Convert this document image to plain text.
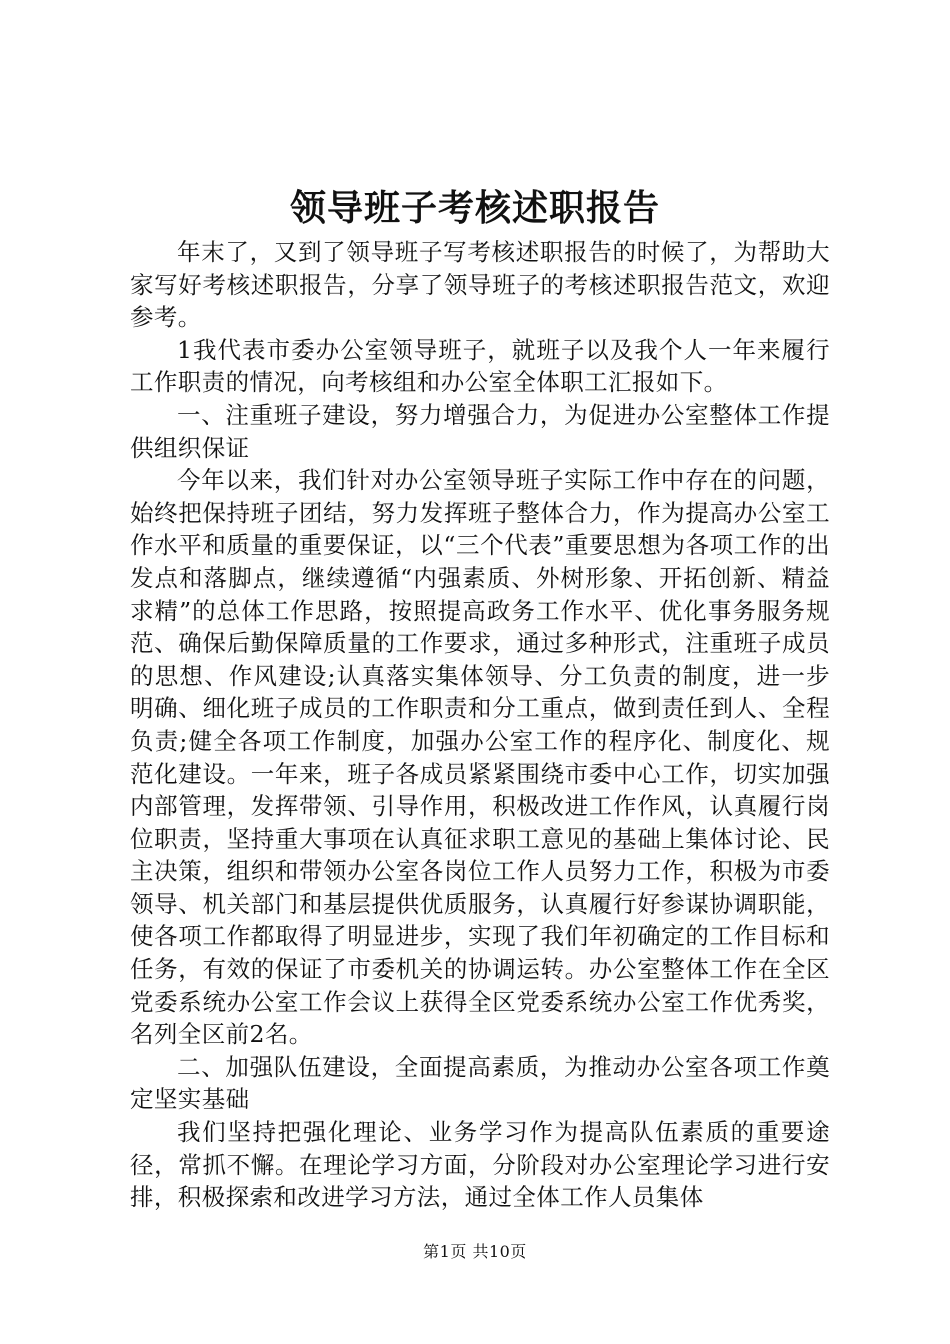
领导班子考核述职报告

年末了，又到了领导班子写考核述职报告的时候了，为帮助大家写好考核述职报告，分享了领导班子的考核述职报告范文，欢迎参考。

1我代表市委办公室领导班子，就班子以及我个人一年来履行工作职责的情况，向考核组和办公室全体职工汇报如下。

一、注重班子建设，努力增强合力，为促进办公室整体工作提供组织保证

今年以来，我们针对办公室领导班子实际工作中存在的问题，始终把保持班子团结，努力发挥班子整体合力，作为提高办公室工作水平和质量的重要保证，以“三个代表”重要思想为各项工作的出发点和落脚点，继续遵循“内强素质、外树形象、开拓创新、精益求精”的总体工作思路，按照提高政务工作水平、优化事务服务规范、确保后勤保障质量的工作要求，通过多种形式，注重班子成员的思想、作风建设;认真落实集体领导、分工负责的制度，进一步明确、细化班子成员的工作职责和分工重点，做到责任到人、全程负责;健全各项工作制度，加强办公室工作的程序化、制度化、规范化建设。一年来，班子各成员紧紧围绕市委中心工作，切实加强内部管理，发挥带领、引导作用，积极改进工作作风，认真履行岗位职责，坚持重大事项在认真征求职工意见的基础上集体讨论、民主决策，组织和带领办公室各岗位工作人员努力工作，积极为市委领导、机关部门和基层提供优质服务，认真履行好参谋协调职能，使各项工作都取得了明显进步，实现了我们年初确定的工作目标和任务，有效的保证了市委机关的协调运转。办公室整体工作在全区党委系统办公室工作会议上获得全区党委系统办公室工作优秀奖，名列全区前2名。

二、加强队伍建设，全面提高素质，为推动办公室各项工作奠定坚实基础

我们坚持把强化理论、业务学习作为提高队伍素质的重要途径，常抓不懈。在理论学习方面，分阶段对办公室理论学习进行安排，积极探索和改进学习方法，通过全体工作人员集体

第1页 共10页
